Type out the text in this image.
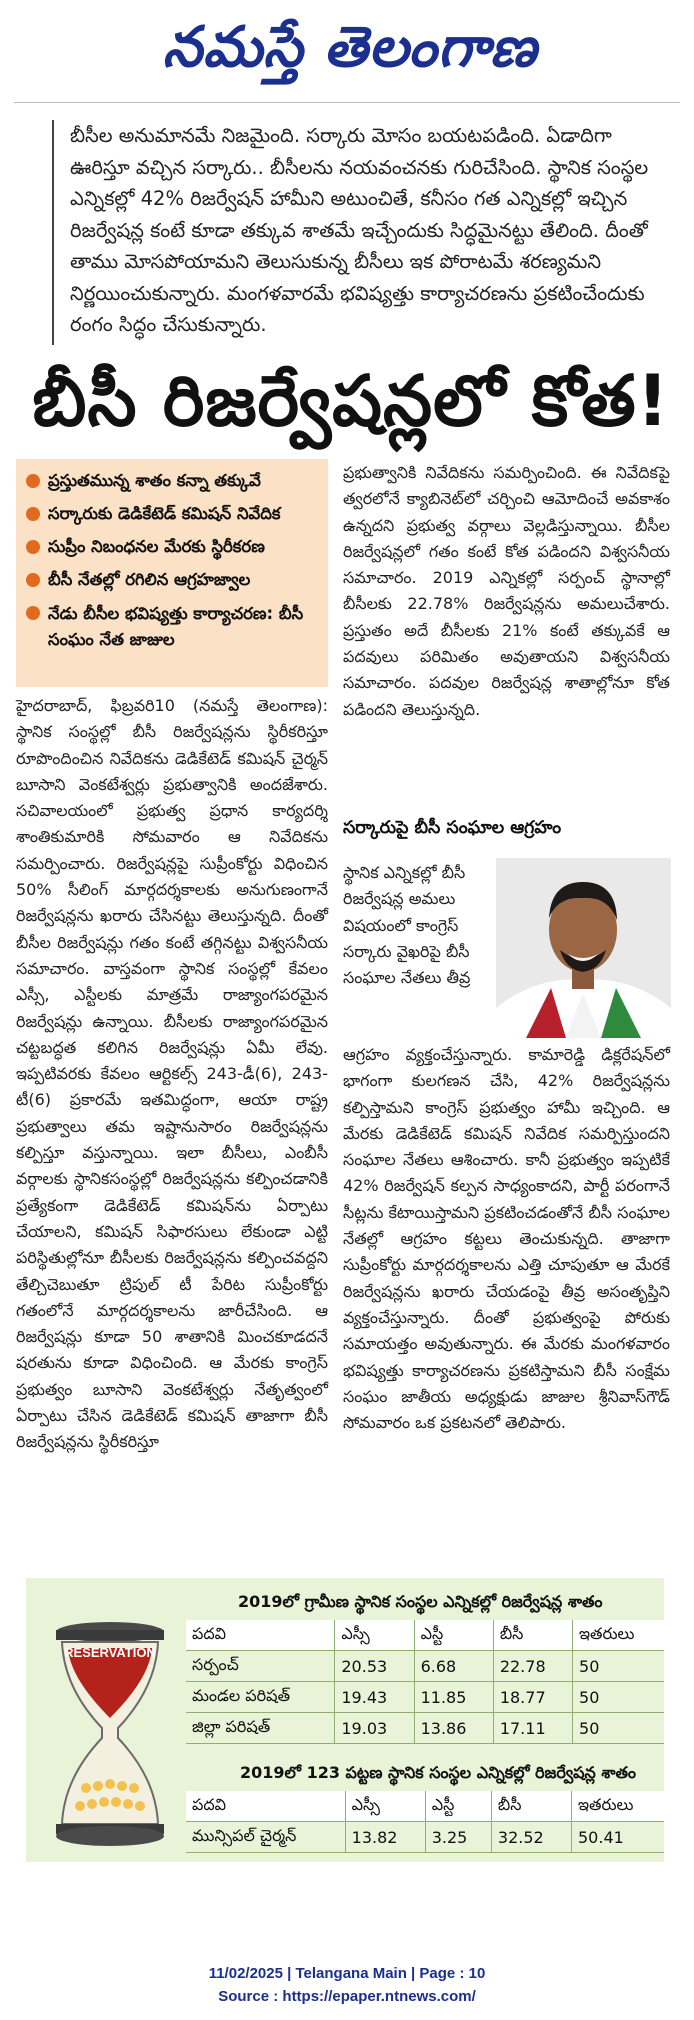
నమస్తే తెలంగాణ
బీసీల అనుమానమే నిజమైంది. సర్కారు మోసం బయటపడింది. ఏడాదిగా ఊరిస్తూ వచ్చిన సర్కారు.. బీసీలను నయవంచనకు గురిచేసింది. స్థానిక సంస్థల ఎన్నికల్లో 42% రిజర్వేషన్ హామీని అటుంచితే, కనీసం గత ఎన్నికల్లో ఇచ్చిన రిజర్వేషన్ల కంటే కూడా తక్కువ శాతమే ఇచ్చేందుకు సిద్ధమైనట్టు తేలింది. దీంతో తాము మోసపోయామని తెలుసుకున్న బీసీలు ఇక పోరాటమే శరణ్యమని నిర్ణయించుకున్నారు. మంగళవారమే భవిష్యత్తు కార్యాచరణను ప్రకటించేందుకు రంగం సిద్ధం చేసుకున్నారు.
బీసీ రిజర్వేషన్లలో కోత!
ప్రస్తుతమున్న శాతం కన్నా తక్కువే
సర్కారుకు డెడికేటెడ్ కమిషన్ నివేదిక
సుప్రీం నిబంధనల మేరకు స్థిరీకరణ
బీసీ నేతల్లో రగిలిన ఆగ్రహజ్వాల
నేడు బీసీల భవిష్యత్తు కార్యాచరణ: బీసీ సంఘం నేత జాజుల
హైదరాబాద్, ఫిబ్రవరి10 (నమస్తే తెలంగాణ): స్థానిక సంస్థల్లో బీసీ రిజర్వేషన్లను స్థిరీకరిస్తూ రూపొందించిన నివేదికను డెడికేటెడ్ కమిషన్ చైర్మన్ బూసాని వెంకటేశ్వర్లు ప్రభుత్వానికి అందజేశారు. సచివాలయంలో ప్రభుత్వ ప్రధాన కార్యదర్శి శాంతికుమారికి సోమవారం ఆ నివేదికను సమర్పించారు. రిజర్వేషన్లపై సుప్రీంకోర్టు విధించిన 50% సీలింగ్ మార్గదర్శకాలకు అనుగుణంగానే రిజర్వేషన్లను ఖరారు చేసినట్టు తెలుస్తున్నది. దీంతో బీసీల రిజర్వేషన్లు గతం కంటే తగ్గినట్టు విశ్వసనీయ సమాచారం. వాస్తవంగా స్థానిక సంస్థల్లో కేవలం ఎస్సీ, ఎస్టీలకు మాత్రమే రాజ్యాంగపరమైన రిజర్వేషన్లు ఉన్నాయి. బీసీలకు రాజ్యాంగపరమైన చట్టబద్ధత కలిగిన రిజర్వేషన్లు ఏమీ లేవు. ఇప్పటివరకు కేవలం ఆర్టికల్స్ 243-డీ(6), 243-టీ(6) ప్రకారమే ఇతమిద్ధంగా, ఆయా రాష్ట్ర ప్రభుత్వాలు తమ ఇష్టానుసారం రిజర్వేషన్లను కల్పిస్తూ వస్తున్నాయి. ఇలా బీసీలు, ఎంబీసీ వర్గాలకు స్థానికసంస్థల్లో రిజర్వేషన్లను కల్పించడానికి ప్రత్యేకంగా డెడికేటెడ్ కమిషన్‌ను ఏర్పాటు చేయాలని, కమిషన్ సిఫారసులు లేకుండా ఎట్టి పరిస్థితుల్లోనూ బీసీలకు రిజర్వేషన్లను కల్పించవద్దని తేల్చిచెబుతూ ట్రిపుల్ టీ పేరిట సుప్రీంకోర్టు గతంలోనే మార్గదర్శకాలను జారీచేసింది. ఆ రిజర్వేషన్లు కూడా 50 శాతానికి మించకూడదనే షరతును కూడా విధించింది. ఆ మేరకు కాంగ్రెస్ ప్రభుత్వం బూసాని వెంకటేశ్వర్లు నేతృత్వంలో ఏర్పాటు చేసిన డెడికేటెడ్ కమిషన్ తాజాగా బీసీ రిజర్వేషన్లను స్థిరీకరిస్తూ
ప్రభుత్వానికి నివేదికను సమర్పించింది. ఈ నివేదికపై త్వరలోనే క్యాబినెట్‌లో చర్చించి ఆమోదించే అవకాశం ఉన్నదని ప్రభుత్వ వర్గాలు వెల్లడిస్తున్నాయి. బీసీల రిజర్వేషన్లలో గతం కంటే కోత పడిందని విశ్వసనీయ సమాచారం. 2019 ఎన్నికల్లో సర్పంచ్ స్థానాల్లో బీసీలకు 22.78% రిజర్వేషన్లను అమలుచేశారు. ప్రస్తుతం అదే బీసీలకు 21% కంటే తక్కువకే ఆ పదవులు పరిమితం అవుతాయని విశ్వసనీయ సమాచారం. పదవుల రిజర్వేషన్ల శాతాల్లోనూ కోత పడిందని తెలుస్తున్నది.
సర్కారుపై బీసీ సంఘాల ఆగ్రహం
స్థానిక ఎన్నికల్లో బీసీ రిజర్వేషన్ల అమలు విషయంలో కాంగ్రెస్ సర్కారు వైఖరిపై బీసీ సంఘాల నేతలు తీవ్ర
ఆగ్రహం వ్యక్తంచేస్తున్నారు. కామారెడ్డి డిక్లరేషన్‌లో భాగంగా కులగణన చేసి, 42% రిజర్వేషన్లను కల్పిస్తామని కాంగ్రెస్ ప్రభుత్వం హామీ ఇచ్చింది. ఆ మేరకు డెడికేటెడ్ కమిషన్ నివేదిక సమర్పిస్తుందని సంఘాల నేతలు ఆశించారు. కానీ ప్రభుత్వం ఇప్పటికే 42% రిజర్వేషన్ కల్పన సాధ్యంకాదని, పార్టీ పరంగానే సీట్లను కేటాయిస్తామని ప్రకటించడంతోనే బీసీ సంఘాల నేతల్లో ఆగ్రహం కట్టలు తెంచుకున్నది. తాజాగా సుప్రీంకోర్టు మార్గదర్శకాలను ఎత్తి చూపుతూ ఆ మేరకే రిజర్వేషన్లను ఖరారు చేయడంపై తీవ్ర అసంతృప్తిని వ్యక్తంచేస్తున్నారు. దీంతో ప్రభుత్వంపై పోరుకు సమాయత్తం అవుతున్నారు. ఈ మేరకు మంగళవారం భవిష్యత్తు కార్యాచరణను ప్రకటిస్తామని బీసీ సంక్షేమ సంఘం జాతీయ అధ్యక్షుడు జాజుల శ్రీనివాస్‌గౌడ్ సోమవారం ఒక ప్రకటనలో తెలిపారు.
RESERVATION
2019లో గ్రామీణ స్థానిక సంస్థల ఎన్నికల్లో రిజర్వేషన్ల శాతం
పదవి	ఎస్సీ	ఎస్టీ	బీసీ	ఇతరులు
సర్పంచ్	20.53	6.68	22.78	50
మండల పరిషత్	19.43	11.85	18.77	50
జిల్లా పరిషత్	19.03	13.86	17.11	50
2019లో 123 పట్టణ స్థానిక సంస్థల ఎన్నికల్లో రిజర్వేషన్ల శాతం
పదవి	ఎస్సీ	ఎస్టీ	బీసీ	ఇతరులు
మున్సిపల్ చైర్మన్	13.82	3.25	32.52	50.41
11/02/2025 | Telangana Main | Page : 10
Source : https://epaper.ntnews.com/
